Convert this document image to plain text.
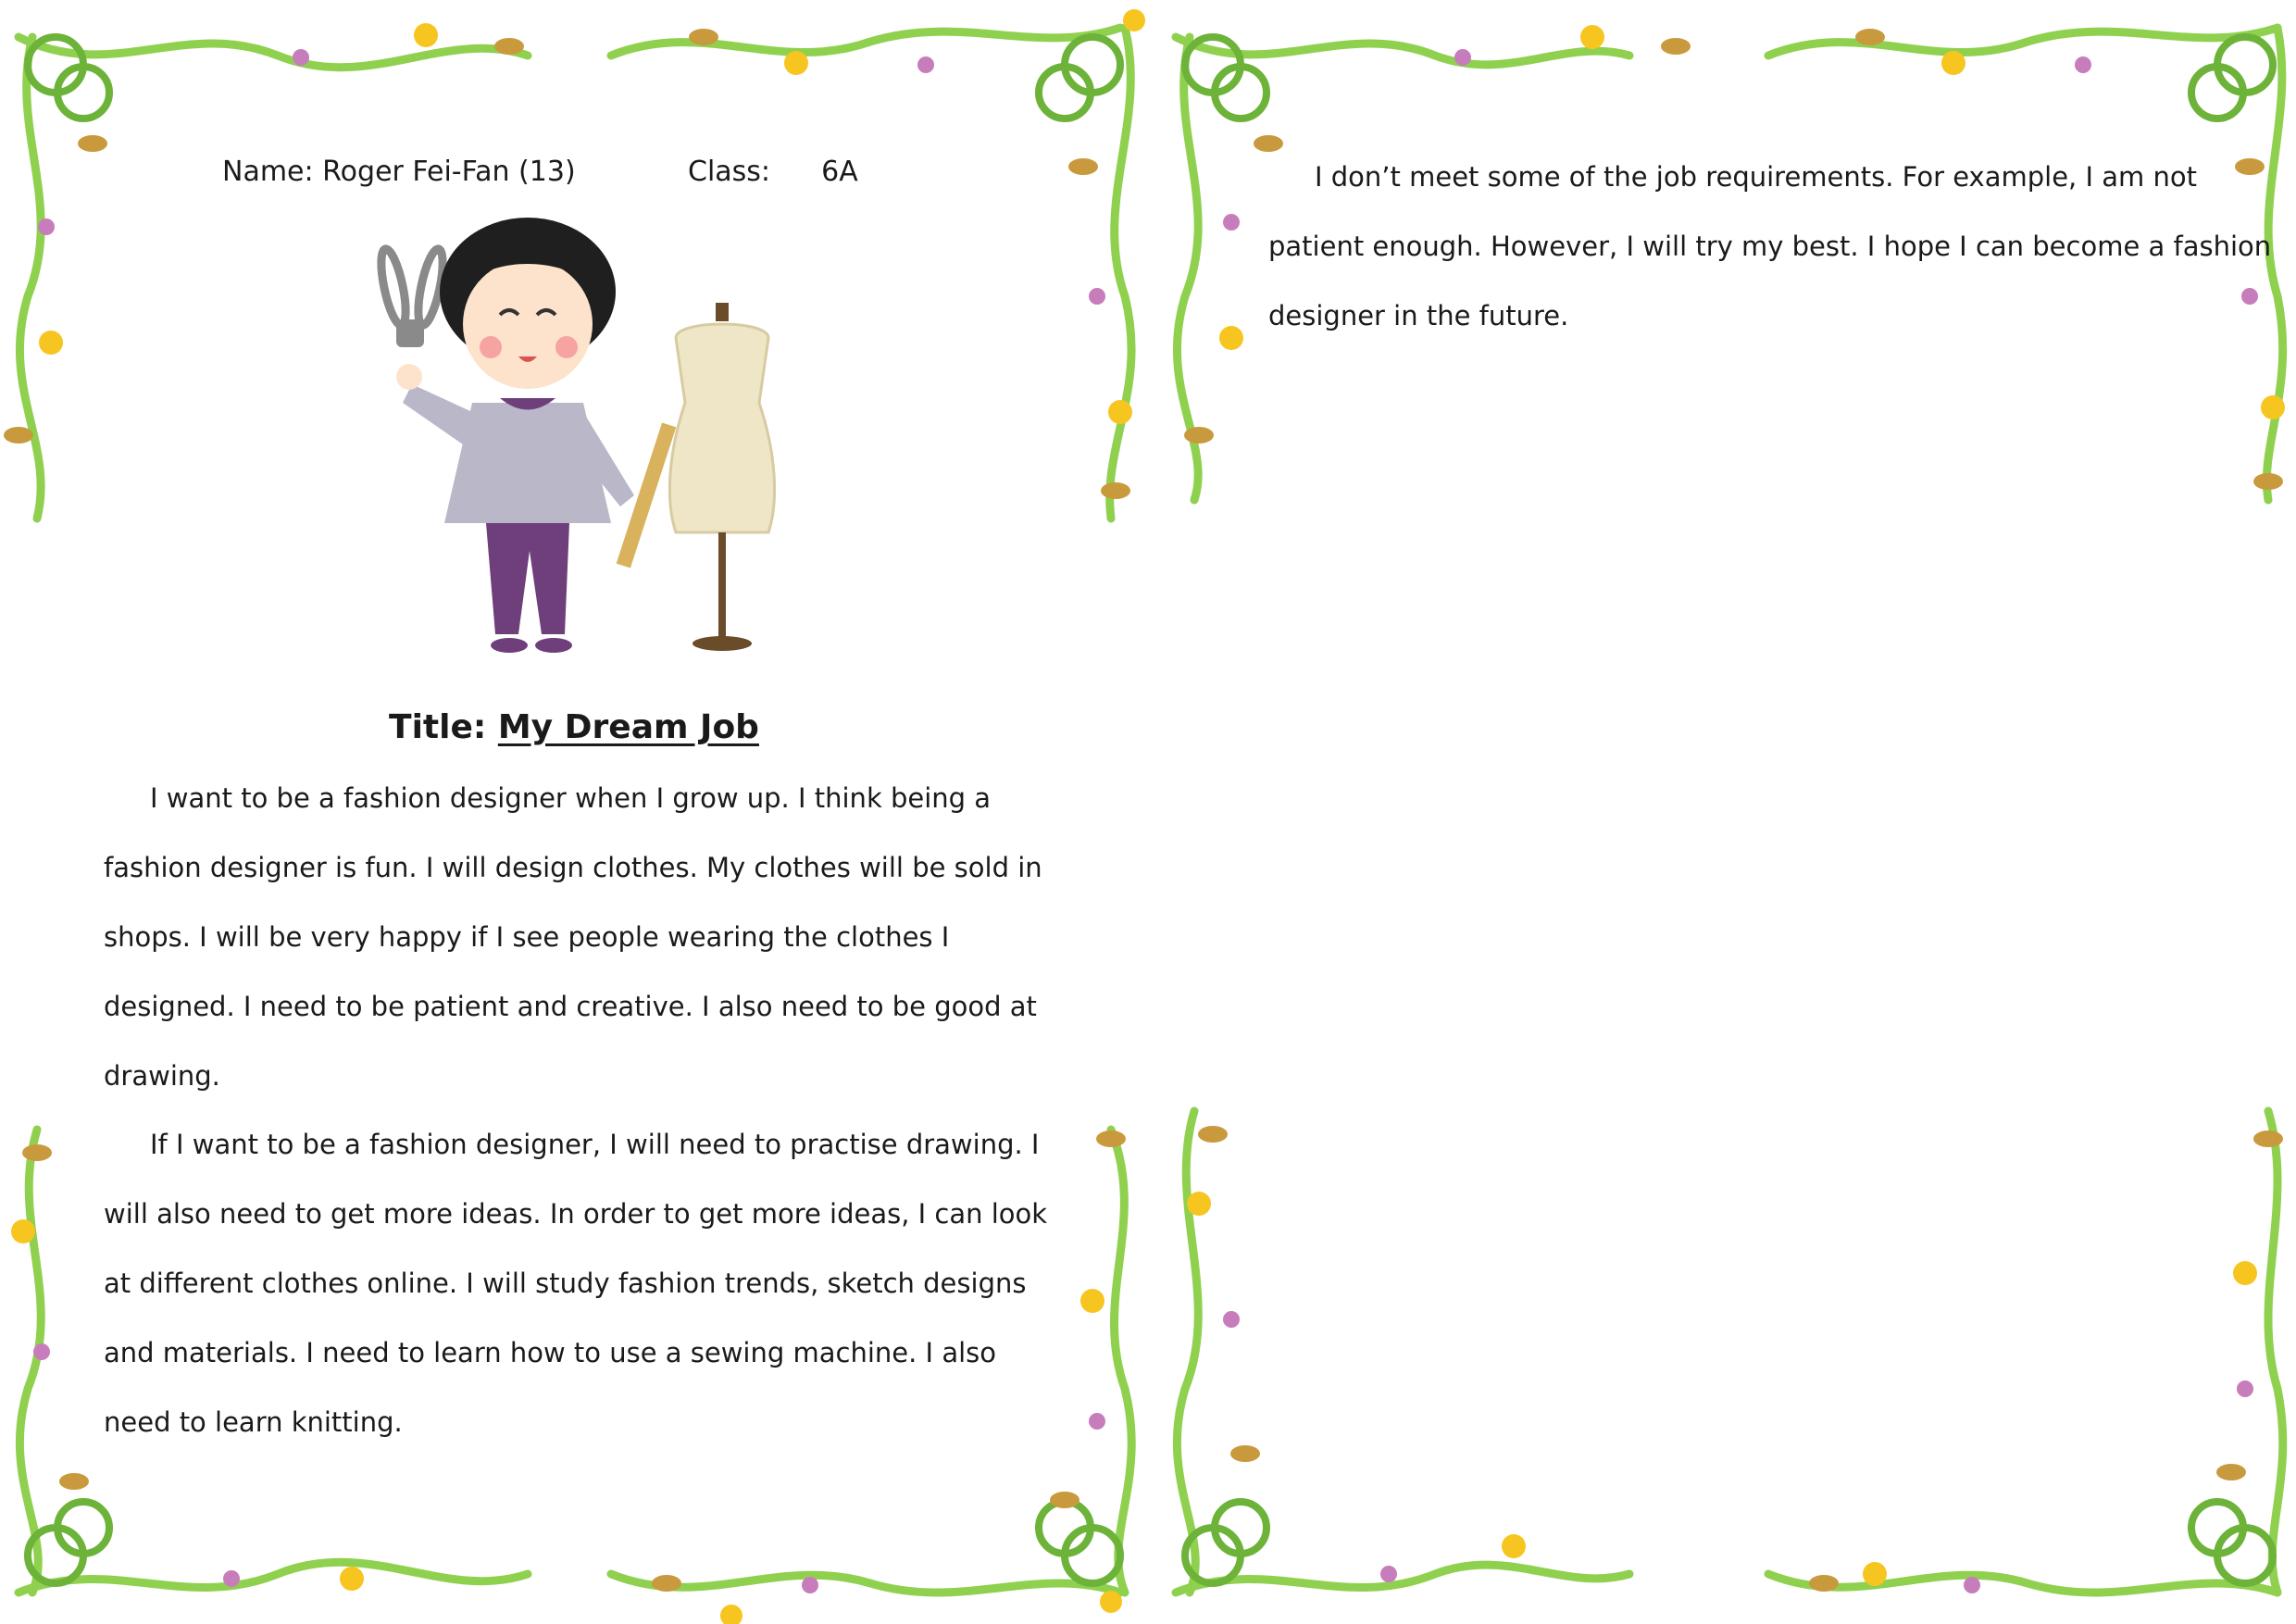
Name: Roger Fei-Fan (13)	Class: 6A
Title: My Dream Job

I want to be a fashion designer when I grow up. I think being a fashion designer is fun. I will design clothes. My clothes will be sold in shops. I will be very happy if I see people wearing the clothes I designed. I need to be patient and creative. I also need to be good at drawing.

If I want to be a fashion designer, I will need to practise drawing. I will also need to get more ideas. In order to get more ideas, I can look at different clothes online. I will study fashion trends, sketch designs and materials. I need to learn how to use a sewing machine. I also need to learn knitting.

I don’t meet some of the job requirements. For example, I am not patient enough. However, I will try my best. I hope I can become a fashion designer in the future.
